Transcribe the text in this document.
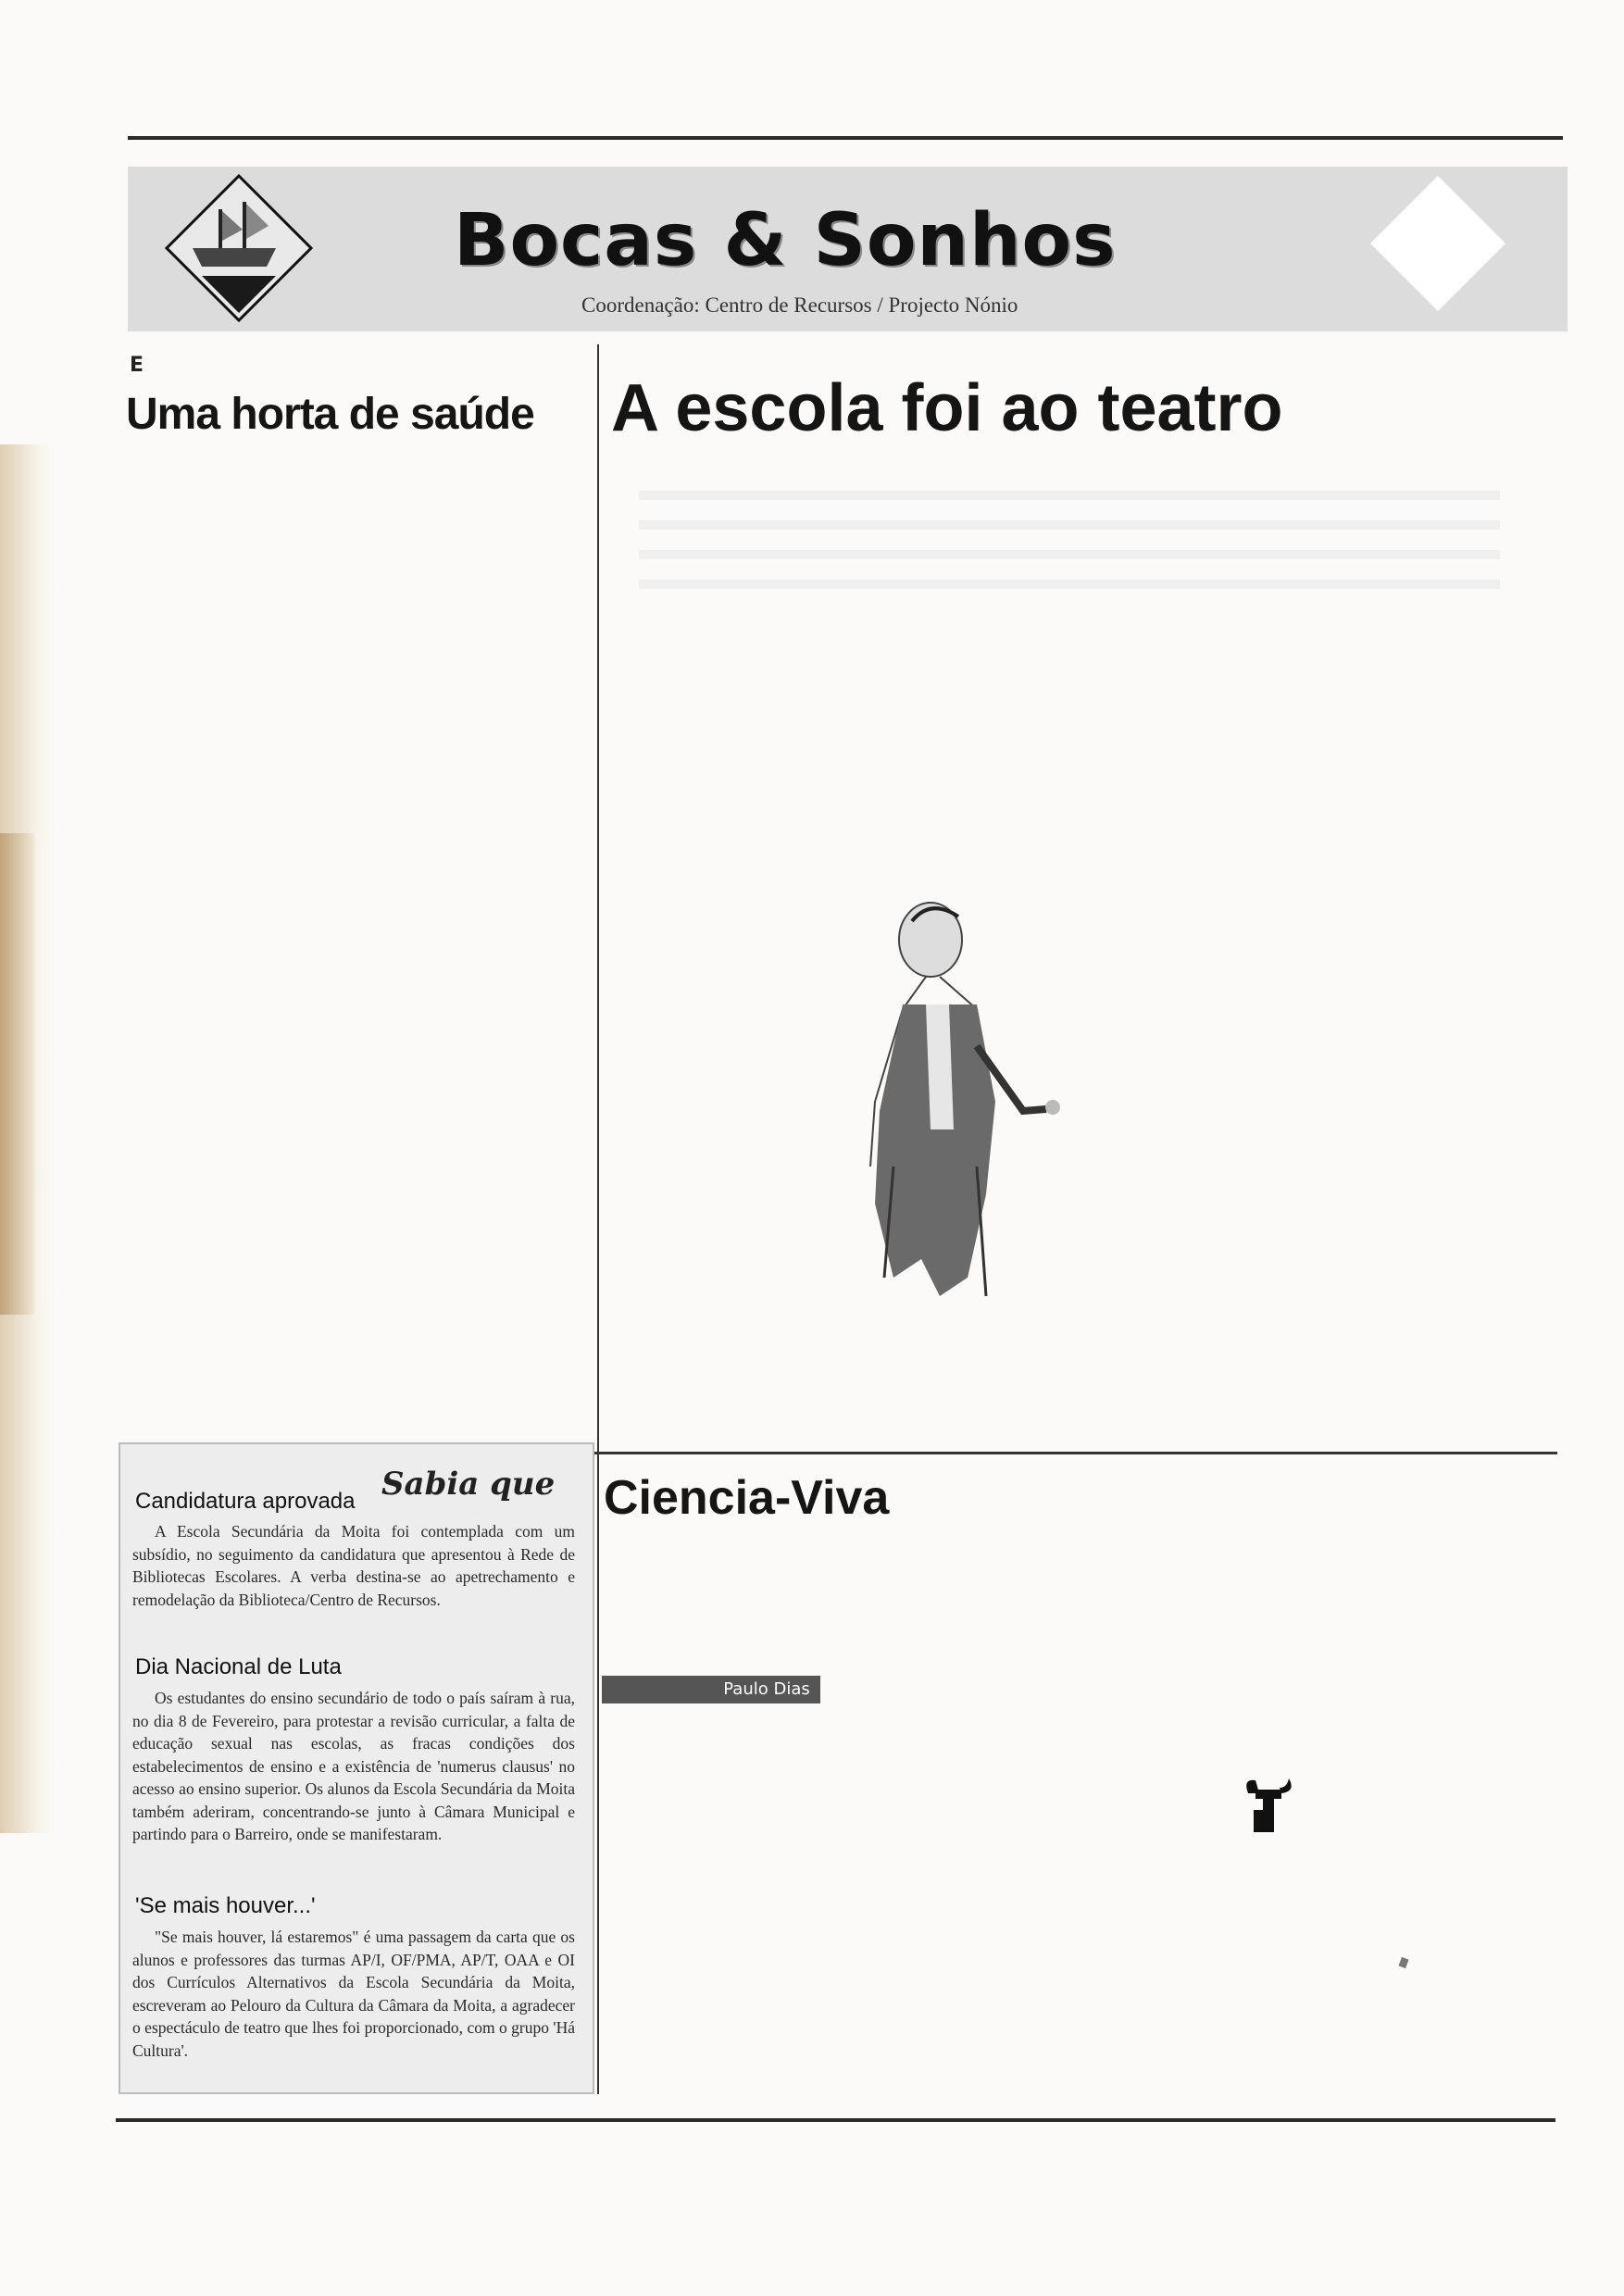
Bocas & Sonhos
Coordenação: Centro de Recursos / Projecto Nónio
E
Uma horta de saúde A escola foi ao teatro
Sabia que
Candidatura aprovada

A Escola Secundária da Moita foi contemplada com um subsídio, no seguimento da candidatura que apresentou à Rede de Bibliotecas Escolares. A verba destina-se ao apetrechamento e remodelação da Biblioteca/Centro de Recursos.

Dia Nacional de Luta

Os estudantes do ensino secundário de todo o país saíram à rua, no dia 8 de Fevereiro, para protestar a revisão curricular, a falta de educação sexual nas escolas, as fracas condições dos estabelecimentos de ensino e a existência de 'numerus clausus' no acesso ao ensino superior. Os alunos da Escola Secundária da Moita também aderiram, concentrando-se junto à Câmara Municipal e partindo para o Barreiro, onde se manifestaram.

'Se mais houver...'

"Se mais houver, lá estaremos" é uma passagem da carta que os alunos e professores das turmas AP/I, OF/PMA, AP/T, OAA e OI dos Currículos Alternativos da Escola Secundária da Moita, escreveram ao Pelouro da Cultura da Câmara da Moita, a agradecer o espectáculo de teatro que lhes foi proporcionado, com o grupo 'Há Cultura'.

Ciencia-Viva

Paulo Dias
